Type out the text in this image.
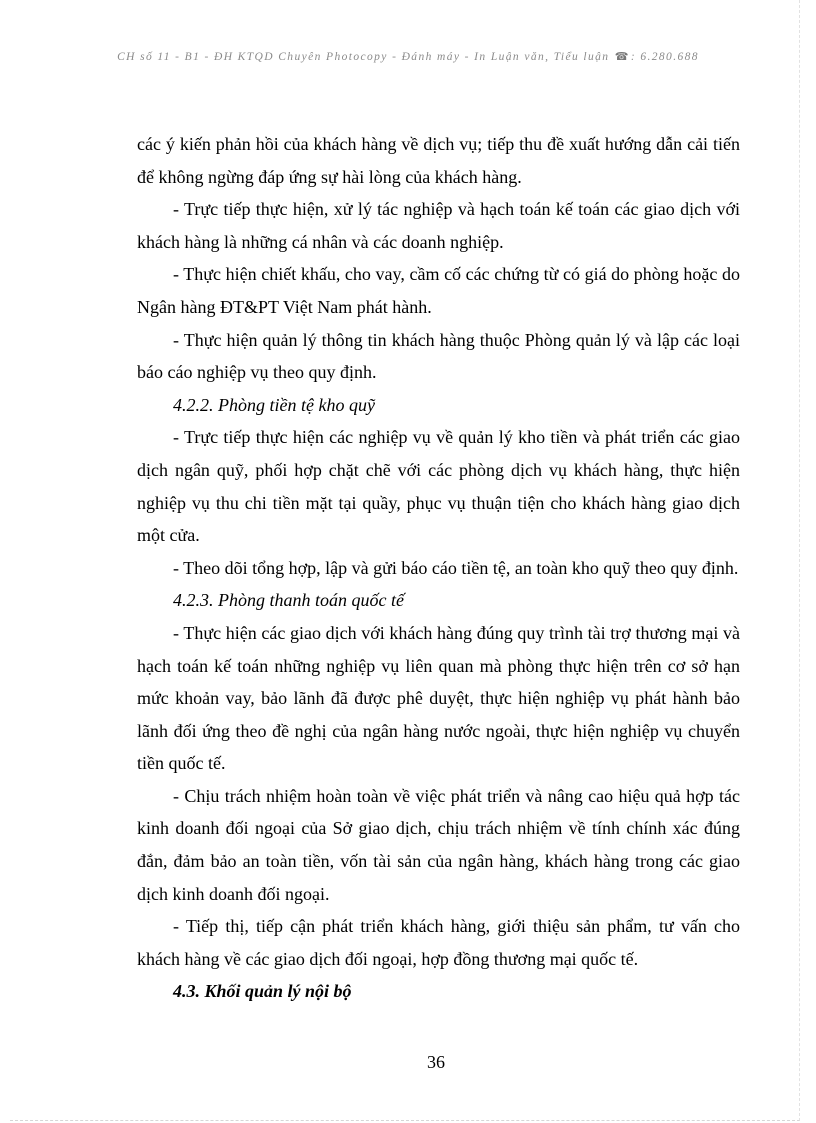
CH số 11 - B1 - ĐH KTQD Chuyên Photocopy - Đánh máy - In Luận văn, Tiểu luận ☎: 6.280.688

các ý kiến phản hồi của khách hàng về dịch vụ; tiếp thu đề xuất hướng dẫn cải tiến để không ngừng đáp ứng sự hài lòng của khách hàng.

- Trực tiếp thực hiện, xử lý tác nghiệp và hạch toán kế toán các giao dịch với khách hàng là những cá nhân và các doanh nghiệp.

- Thực hiện chiết khấu, cho vay, cầm cố các chứng từ có giá do phòng hoặc do Ngân hàng ĐT&PT Việt Nam phát hành.

- Thực hiện quản lý thông tin khách hàng thuộc Phòng quản lý và lập các loại báo cáo nghiệp vụ theo quy định.

4.2.2. Phòng tiền tệ kho quỹ

- Trực tiếp thực hiện các nghiệp vụ về quản lý kho tiền và phát triển các giao dịch ngân quỹ, phối hợp chặt chẽ với các phòng dịch vụ khách hàng, thực hiện nghiệp vụ thu chi tiền mặt tại quầy, phục vụ thuận tiện cho khách hàng giao dịch một cửa.

- Theo dõi tổng hợp, lập và gửi báo cáo tiền tệ, an toàn kho quỹ theo quy định.

4.2.3. Phòng thanh toán quốc tế

- Thực hiện các giao dịch với khách hàng đúng quy trình tài trợ thương mại và hạch toán kế toán những nghiệp vụ liên quan mà phòng thực hiện trên cơ sở hạn mức khoản vay, bảo lãnh đã được phê duyệt, thực hiện nghiệp vụ phát hành bảo lãnh đối ứng theo đề nghị của ngân hàng nước ngoài, thực hiện nghiệp vụ chuyển tiền quốc tế.

- Chịu trách nhiệm hoàn toàn về việc phát triển và nâng cao hiệu quả hợp tác kinh doanh đối ngoại của Sở giao dịch, chịu trách nhiệm về tính chính xác đúng đắn, đảm bảo an toàn tiền, vốn tài sản của ngân hàng, khách hàng trong các giao dịch kinh doanh đối ngoại.

- Tiếp thị, tiếp cận phát triển khách hàng, giới thiệu sản phẩm, tư vấn cho khách hàng về các giao dịch đối ngoại, hợp đồng thương mại quốc tế.

4.3. Khối quản lý nội bộ

36
